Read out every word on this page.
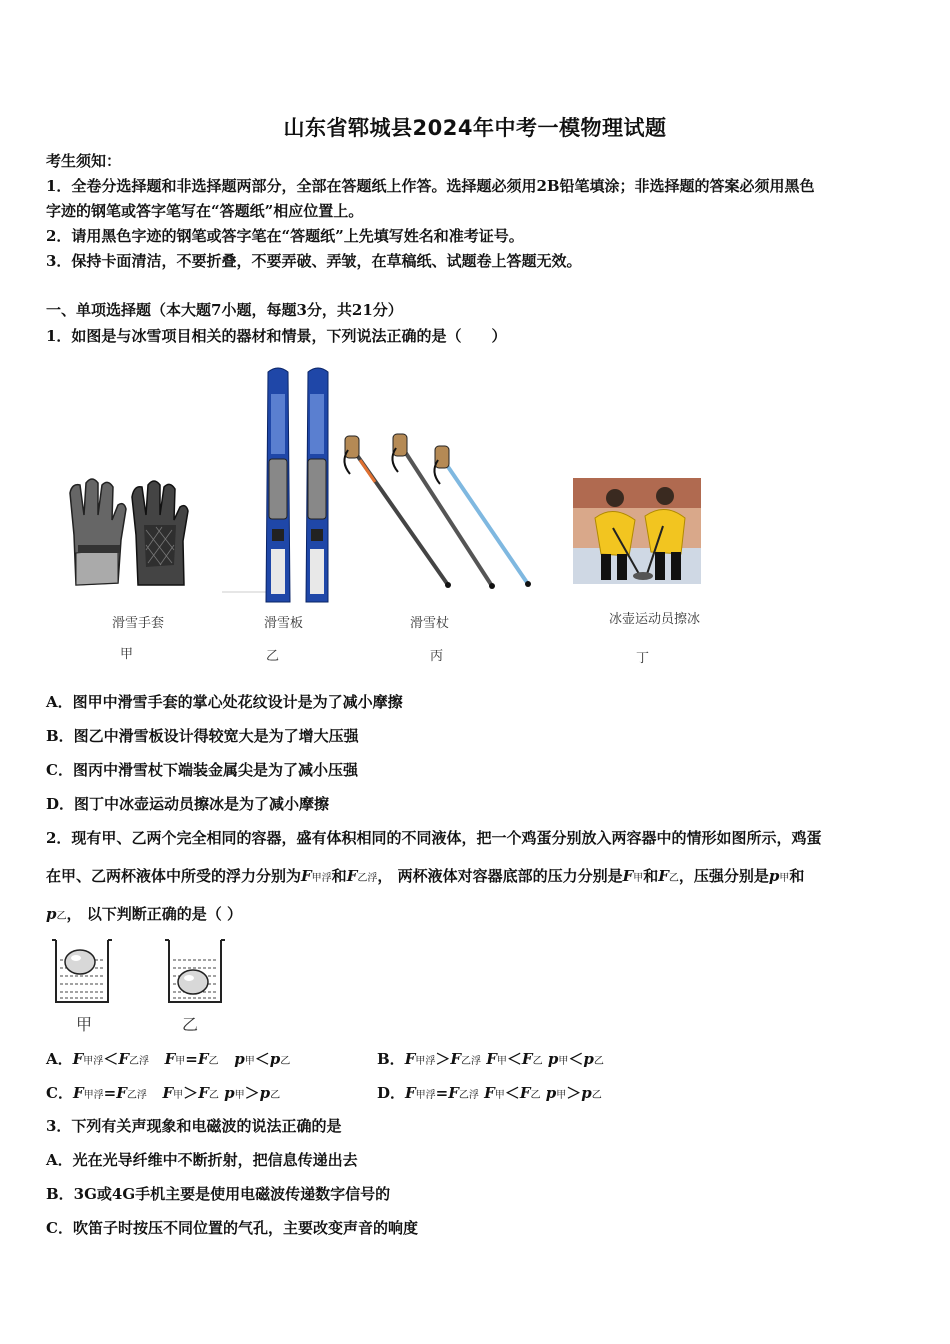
山东省郓城县2024年中考一模物理试题
考生须知：
1．全卷分选择题和非选择题两部分，全部在答题纸上作答。选择题必须用2B铅笔填涂；非选择题的答案必须用黑色
字迹的钢笔或答字笔写在“答题纸”相应位置上。
2．请用黑色字迹的钢笔或答字笔在“答题纸”上先填写姓名和准考证号。
3．保持卡面清洁，不要折叠，不要弄破、弄皱，在草稿纸、试题卷上答题无效。
一、单项选择题（本大题7小题，每题3分，共21分）
1．如图是与冰雪项目相关的器材和情景，下列说法正确的是（　　）
滑雪手套	滑雪板	滑雪杖	冰壶运动员擦冰
甲	乙	丙	丁
A．图甲中滑雪手套的掌心处花纹设计是为了减小摩擦
B．图乙中滑雪板设计得较宽大是为了增大压强
C．图丙中滑雪杖下端装金属尖是为了减小压强
D．图丁中冰壶运动员擦冰是为了减小摩擦
2．现有甲、乙两个完全相同的容器，盛有体积相同的不同液体，把一个鸡蛋分别放入两容器中的情形如图所示，鸡蛋
在甲、乙两杯液体中所受的浮力分别为F甲浮和F乙浮， 两杯液体对容器底部的压力分别是F甲和F乙，压强分别是p甲和
p乙， 以下判断正确的是（ ）
甲	乙
A．F甲浮＜F乙浮 F甲=F乙 p甲＜p乙	B．F甲浮＞F乙浮 F甲＜F乙 p甲＜p乙
C．F甲浮=F乙浮 F甲＞F乙 p甲＞p乙	D．F甲浮=F乙浮 F甲＜F乙 p甲＞p乙
3．下列有关声现象和电磁波的说法正确的是
A．光在光导纤维中不断折射，把信息传递出去
B．3G或4G手机主要是使用电磁波传递数字信号的
C．吹笛子时按压不同位置的气孔，主要改变声音的响度
